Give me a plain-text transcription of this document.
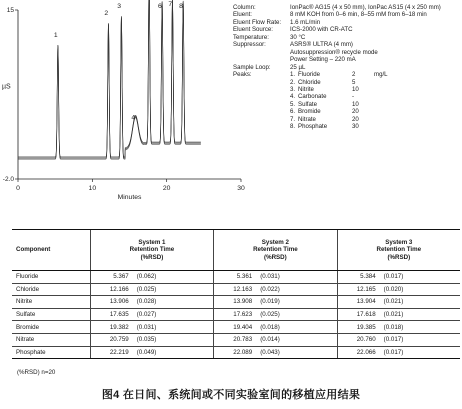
15
-2.0
µS
0	10	20	30
Minutes
1
2
3
4
6 7 8	Column:	IonPac® AG15 (4 x 50 mm), IonPac AS15 (4 x 250 mm)
Eluent:	8 mM KOH from 0–6 min, 8–55 mM from 6–18 min
Eluent Flow Rate:	1.6 mL/min
Eluent Source:	ICS-2000 with CR-ATC
Temperature:	30 °C
Suppressor:	ASRS® ULTRA (4 mm)
Autosuppression® recycle mode
Power Setting – 220 mA
Sample Loop:	25 µL
Peaks:	1. Fluoride	2	mg/L
2. Chloride	5
3. Nitrite	10
4. Carbonate	-
5. Sulfate	10
6. Bromide	20
7. Nitrate	20
8. Phosphate	30
Component	System 1
Retention Time
(%RSD)		System 2
Retention Time
(%RSD)		System 3
Retention Time
(%RSD)	
Fluoride	5.367	(0.062)	5.361	(0.031)	5.384	(0.017)
Chloride	12.166	(0.025)	12.163	(0.022)	12.165	(0.020)
Nitrite	13.906	(0.028)	13.908	(0.019)	13.904	(0.021)
Sulfate	17.635	(0.027)	17.623	(0.025)	17.618	(0.021)
Bromide	19.382	(0.031)	19.404	(0.018)	19.385	(0.018)
Nitrate	20.759	(0.035)	20.783	(0.014)	20.760	(0.017)
Phosphate	22.219	(0.049)	22.089	(0.043)	22.066	(0.017)
(%RSD) n=20
图4 在日间、系统间或不同实验室间的移植应用结果
